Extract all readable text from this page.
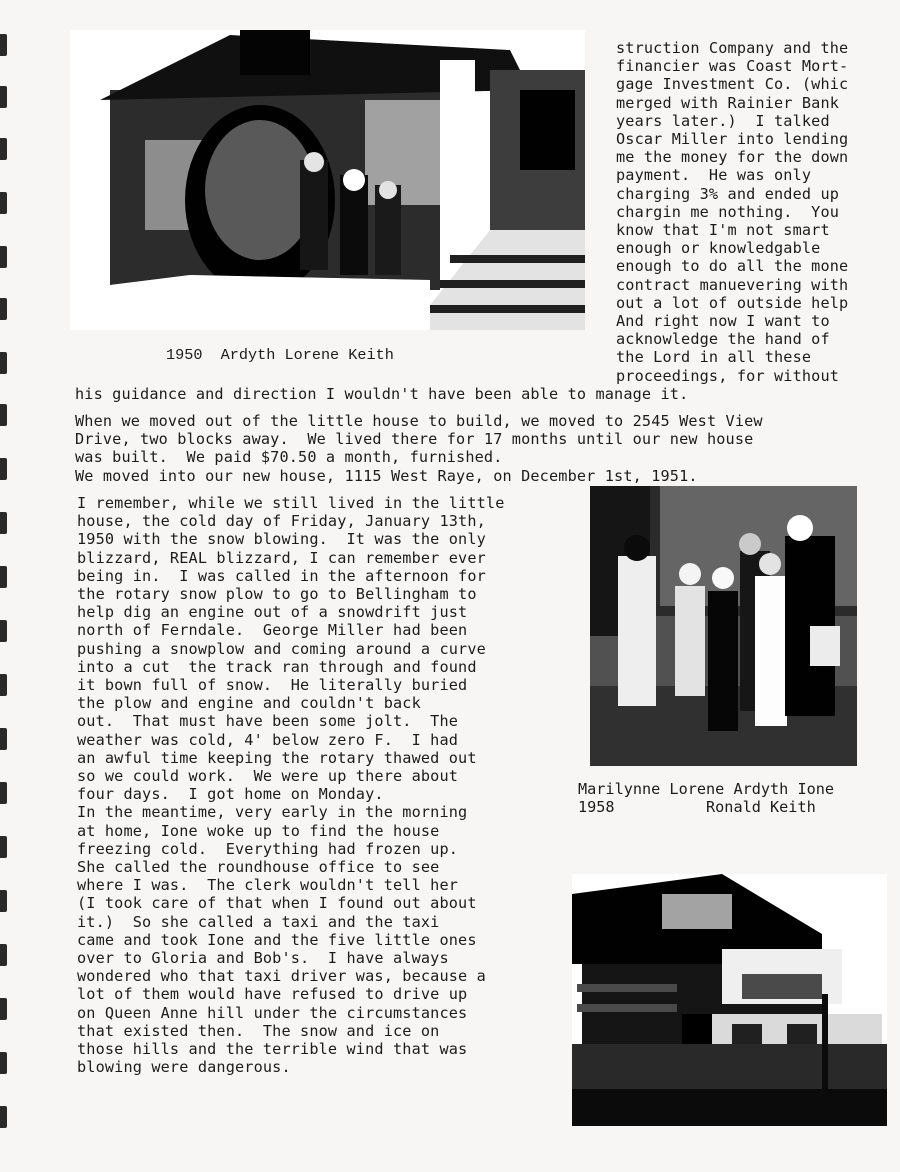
struction Company and the
financier was Coast Mort-
gage Investment Co. (whic
merged with Rainier Bank
years later.)  I talked
Oscar Miller into lending
me the money for the down
payment.  He was only
charging 3% and ended up
chargin me nothing.  You
know that I'm not smart
enough or knowledgable
enough to do all the mone
contract manuevering with
out a lot of outside help
And right now I want to
acknowledge the hand of
the Lord in all these
proceedings, for without
1950  Ardyth Lorene Keith
his guidance and direction I wouldn't have been able to manage it.
When we moved out of the little house to build, we moved to 2545 West View
Drive, two blocks away.  We lived there for 17 months until our new house
was built.  We paid $70.50 a month, furnished.
We moved into our new house, 1115 West Raye, on December 1st, 1951.
I remember, while we still lived in the little
house, the cold day of Friday, January 13th,
1950 with the snow blowing.  It was the only
blizzard, REAL blizzard, I can remember ever
being in.  I was called in the afternoon for
the rotary snow plow to go to Bellingham to
help dig an engine out of a snowdrift just
north of Ferndale.  George Miller had been
pushing a snowplow and coming around a curve
into a cut  the track ran through and found
it bown full of snow.  He literally buried
the plow and engine and couldn't back
out.  That must have been some jolt.  The
weather was cold, 4' below zero F.  I had
an awful time keeping the rotary thawed out
so we could work.  We were up there about
four days.  I got home on Monday.
In the meantime, very early in the morning
at home, Ione woke up to find the house
freezing cold.  Everything had frozen up.
She called the roundhouse office to see
where I was.  The clerk wouldn't tell her
(I took care of that when I found out about
it.)  So she called a taxi and the taxi
came and took Ione and the five little ones
over to Gloria and Bob's.  I have always
wondered who that taxi driver was, because a
lot of them would have refused to drive up
on Queen Anne hill under the circumstances
that existed then.  The snow and ice on
those hills and the terrible wind that was
blowing were dangerous.
Marilynne Lorene Ardyth Ione
1958          Ronald Keith
